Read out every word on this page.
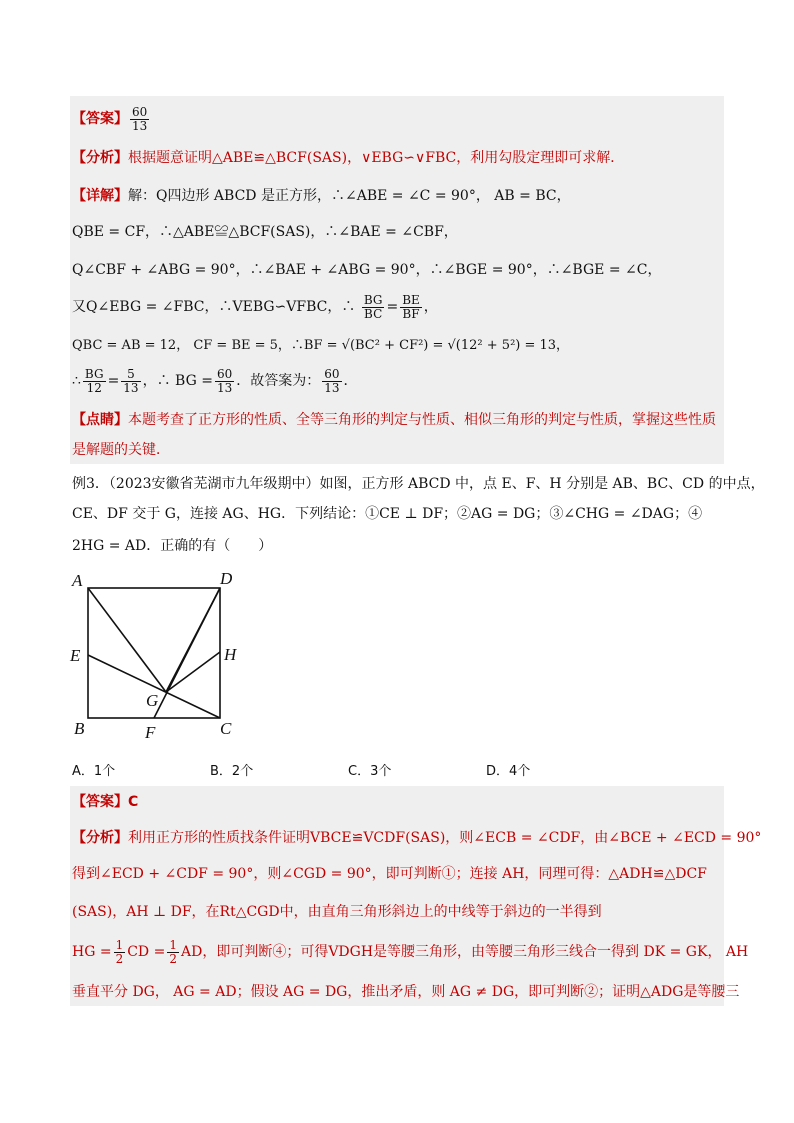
【答案】 $\frac{60}{13}$
【分析】根据题意证明△ABE≌△BCF(SAS)，∨EBG∽∨FBC，利用勾股定理即可求解．
【详解】解：Q四边形 ABCD 是正方形，∴∠ABE = ∠C = 90°， AB = BC，
QBE = CF，∴△ABE≌△BCF(SAS)，∴∠BAE = ∠CBF，
Q∠CBF + ∠ABG = 90°，∴∠BAE + ∠ABG = 90°，∴∠BGE = 90°，∴∠BGE = ∠C，
又Q∠EBG = ∠FBC，∴VEBG∽VFBC，∴ $\frac{BG}{BC} = \frac{BE}{BF}$ ，
QBC = AB = 12， CF = BE = 5，∴BF = √(BC² + CF²) = √(12² + 5²) = 13，
∴ $\frac{BG}{12} = \frac{5}{13}$ ，∴ BG = $\frac{60}{13}$ ．故答案为： $\frac{60}{13}$ ．
【点睛】本题考查了正方形的性质、全等三角形的判定与性质、相似三角形的判定与性质，掌握这些性质
是解题的关键．
例3．（2023安徽省芜湖市九年级期中）如图，正方形 ABCD 中，点 E、F、H 分别是 AB、BC、CD 的中点，
CE、DF 交于 G，连接 AG、HG．下列结论：①CE ⊥ DF；②AG = DG；③∠CHG = ∠DAG；④
2HG = AD．正确的有（　　）
A	D
E	H
G
B	C
F
A．1个	B．2个	C．3个	D．4个
【答案】C
【分析】利用正方形的性质找条件证明VBCE≌VCDF(SAS)，则∠ECB = ∠CDF，由∠BCE + ∠ECD = 90°
得到∠ECD + ∠CDF = 90°，则∠CGD = 90°，即可判断①；连接 AH，同理可得：△ADH≌△DCF
(SAS)，AH ⊥ DF，在Rt△CGD中，由直角三角形斜边上的中线等于斜边的一半得到
HG = $\frac{1}{2}$ CD = $\frac{1}{2}$ AD，即可判断④；可得VDGH是等腰三角形，由等腰三角形三线合一得到 DK = GK， AH
垂直平分 DG， AG = AD；假设 AG = DG，推出矛盾，则 AG ≠ DG，即可判断②；证明△ADG是等腰三
